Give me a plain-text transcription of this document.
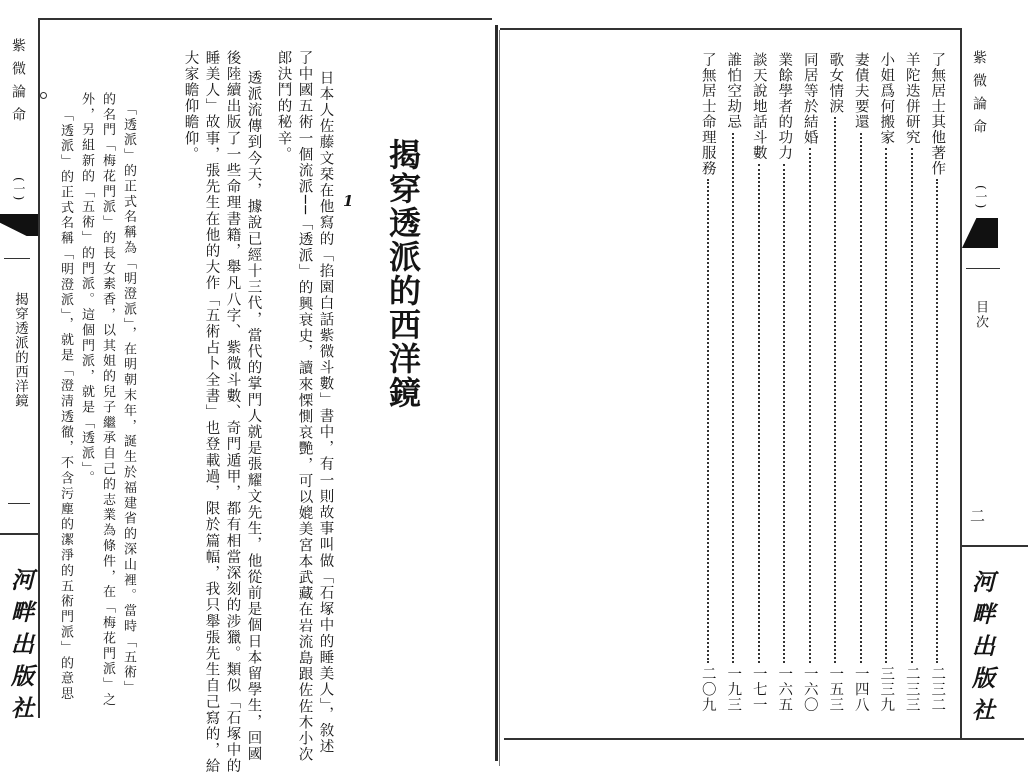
紫微論命
(一)
揭穿透派的西洋鏡
河畔出版社
揭穿透派的西洋鏡
1
日本人佐藤文栞在他寫的「掐園白話紫微斗數」書中，有一則故事叫做「石塚中的睡美人」，敘述
了中國五術一個流派──「透派」的興衰史，讀來慄惻哀艷，可以媲美宮本武藏在岩流島跟佐佐木小次
郎決鬥的秘辛。
透派流傳到今天，據說已經十三代，當代的掌門人就是張耀文先生，他從前是個日本留學生，回國
後陸續出版了一些命理書籍，舉凡八字、紫微斗數、奇門遁甲，都有相當深刻的涉獵。類似「石塚中的
睡美人」故事，張先生在他的大作「五術占卜全書」也登載過，限於篇幅，我只舉張先生自己寫的，給
大家瞻仰瞻仰。
「透派」的正式名稱為「明澄派」，在明朝末年，誕生於福建省的深山裡。當時「五術」
的名門「梅花門派」的長女素香，以其姐的兒子繼承自己的志業為條件，在「梅花門派」之
外，另組新的「五術」的門派。這個門派，就是「透派」。
「透派」的正式名稱「明澄派」，就是「澄清透徹，不含污塵的潔淨的五術門派」的意思	了無居士其他著作
二三二
羊陀迭併研究
二三三
小姐爲何搬家
三三九
妻債夫要還
一四八
歌女情淚
一五三
同居等於結婚
一六〇
業餘學者的功力
一六五
談天說地話斗數
一七一
誰怕空劫忌
一九三
了無居士命理服務
二〇九
紫微論命
(一)
目次
二
河畔出版社
